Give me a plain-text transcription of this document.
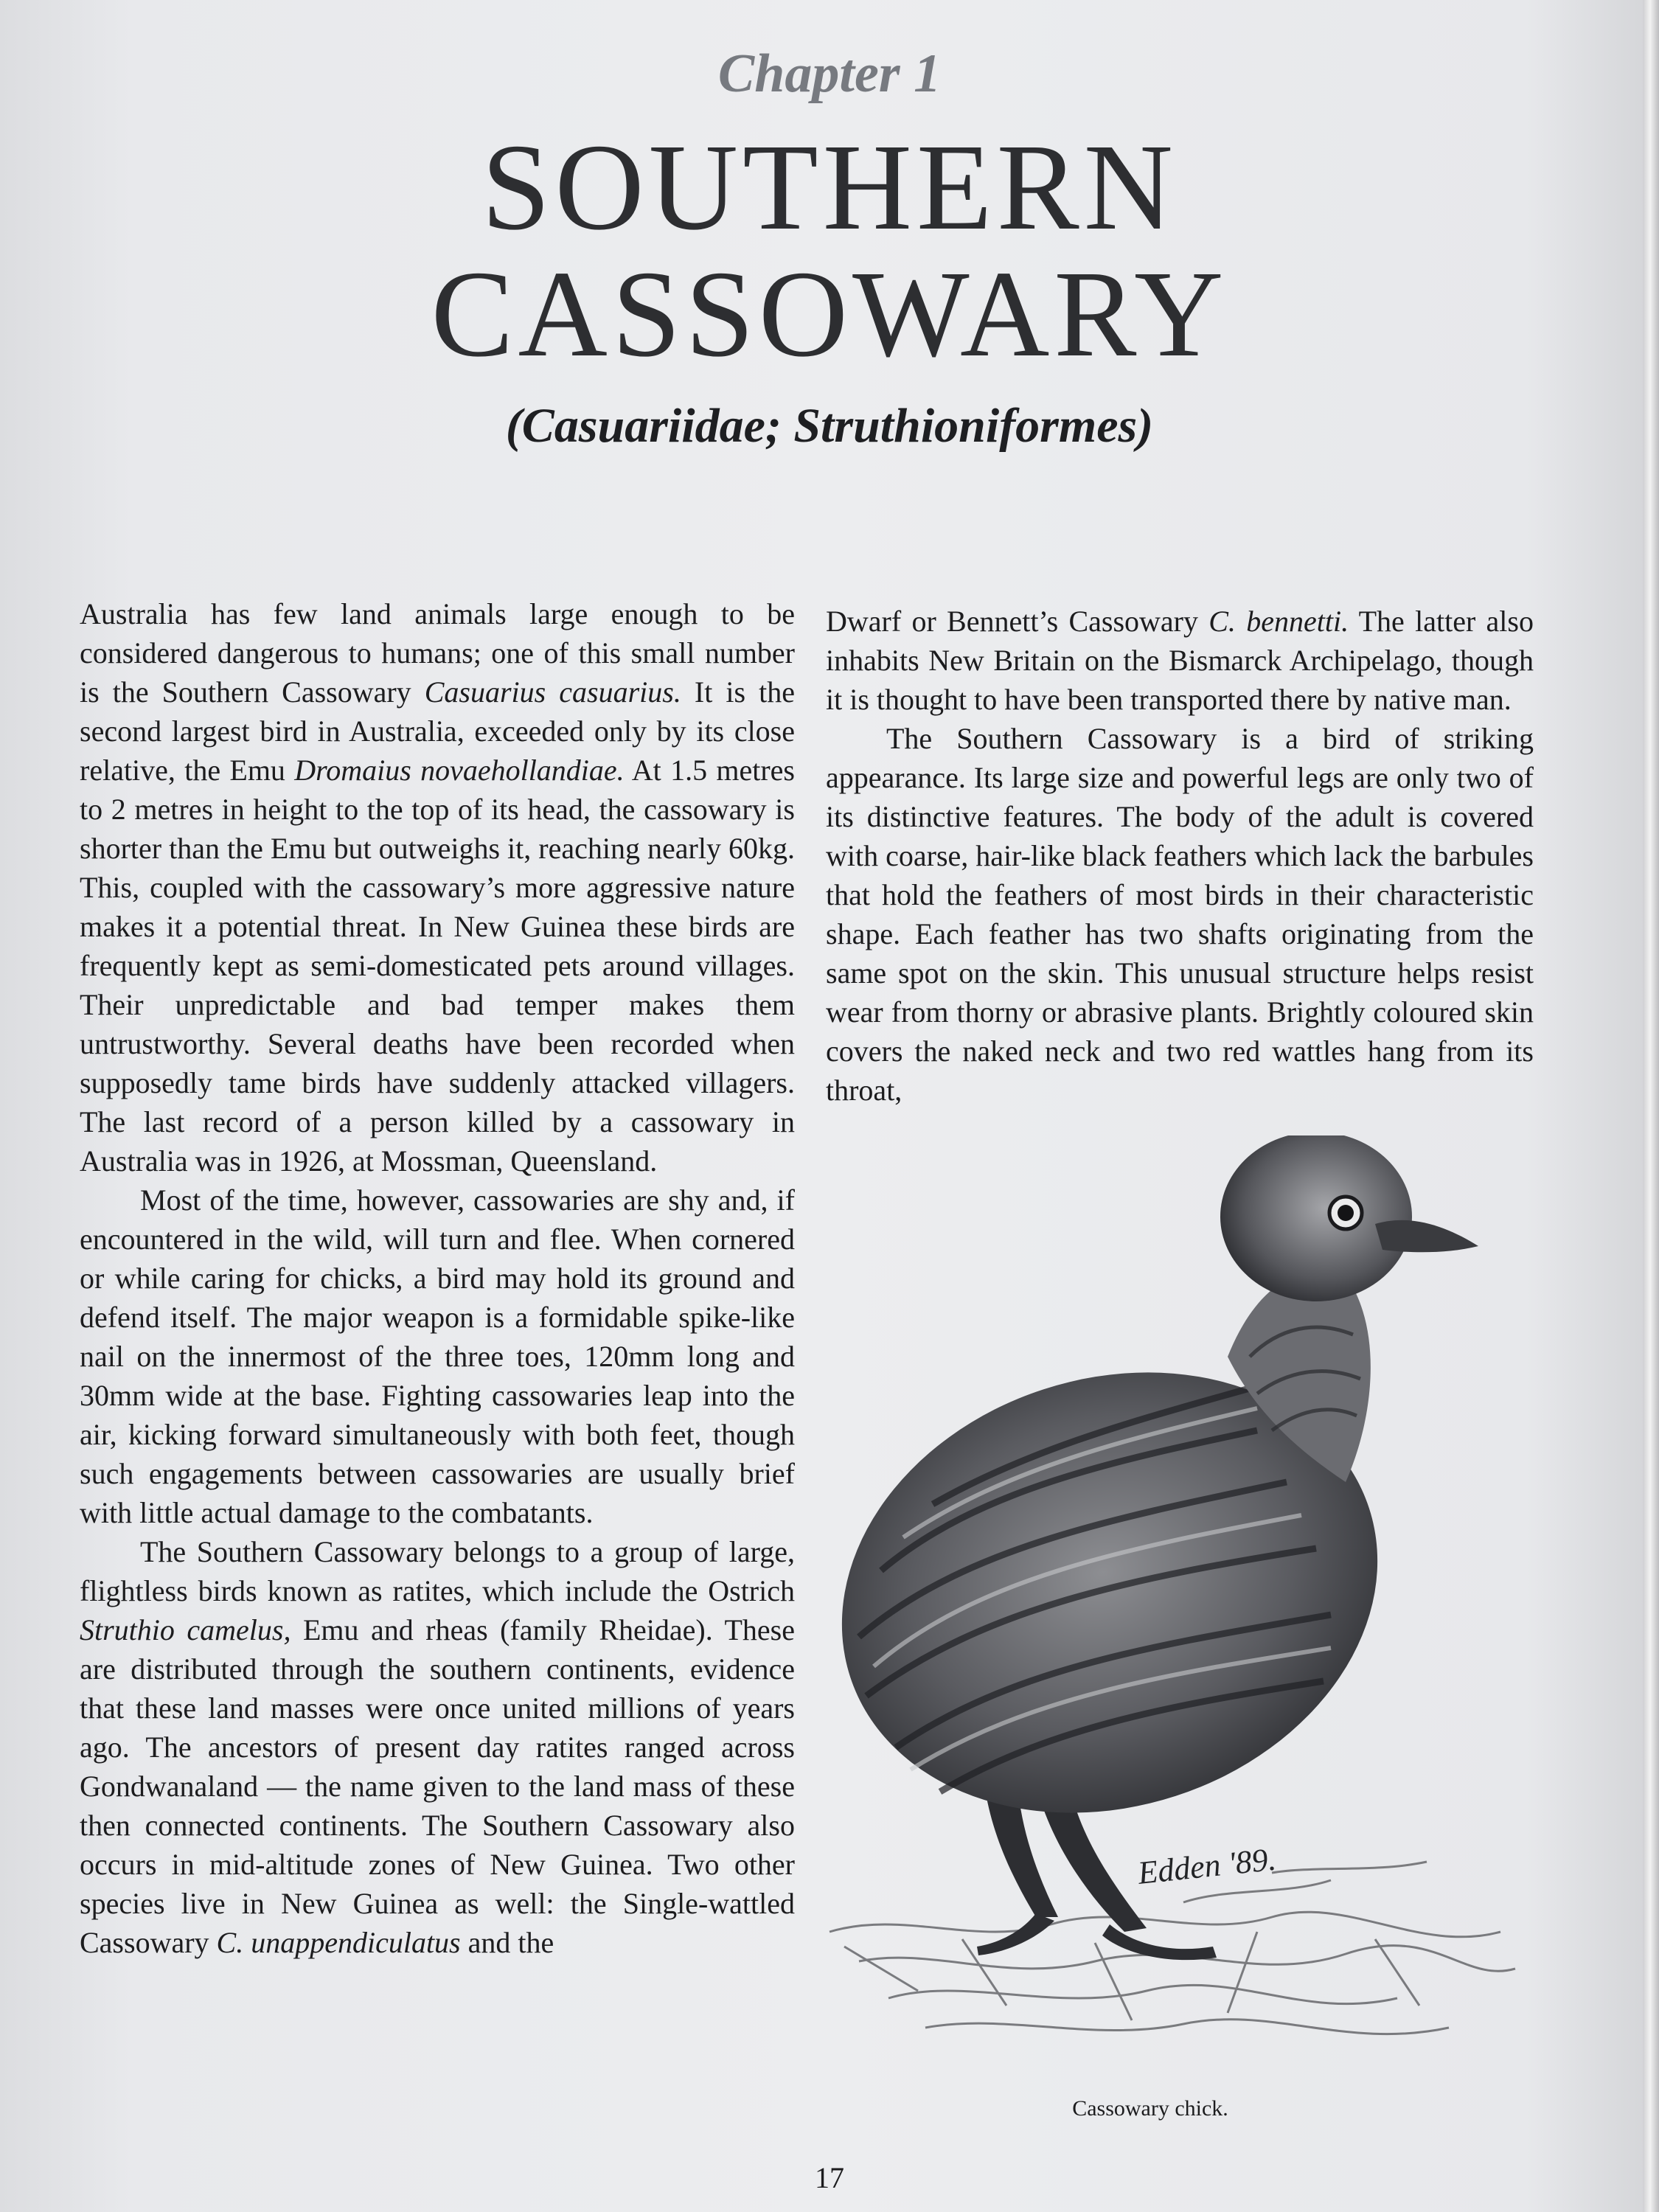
Chapter 1

SOUTHERN
CASSOWARY

(Casuariidae; Struthioniformes)

Australia has few land animals large enough to be considered dangerous to humans; one of this small number is the Southern Cassowary Casuarius casuarius. It is the second largest bird in Australia, exceeded only by its close relative, the Emu Dromaius novaehollandiae. At 1.5 metres to 2 metres in height to the top of its head, the cassowary is shorter than the Emu but outweighs it, reaching nearly 60kg. This, coupled with the cassowary’s more aggressive nature makes it a potential threat. In New Guinea these birds are frequently kept as semi-domesticated pets around villages. Their unpredictable and bad temper makes them untrustworthy. Several deaths have been recorded when supposedly tame birds have suddenly attacked villagers. The last record of a person killed by a cassowary in Australia was in 1926, at Mossman, Queensland.

Most of the time, however, cassowaries are shy and, if encountered in the wild, will turn and flee. When cornered or while caring for chicks, a bird may hold its ground and defend itself. The major weapon is a formidable spike-like nail on the innermost of the three toes, 120mm long and 30mm wide at the base. Fighting cassowaries leap into the air, kicking forward simultaneously with both feet, though such engagements between cassowaries are usually brief with little actual damage to the combatants.

The Southern Cassowary belongs to a group of large, flightless birds known as ratites, which include the Ostrich Struthio camelus, Emu and rheas (family Rheidae). These are distributed through the southern continents, evidence that these land masses were once united millions of years ago. The ancestors of present day ratites ranged across Gondwanaland — the name given to the land mass of these then connected continents. The Southern Cassowary also occurs in mid-altitude zones of New Guinea. Two other species live in New Guinea as well: the Single-wattled Cassowary C. unappendiculatus and the

Dwarf or Bennett’s Cassowary C. bennetti. The latter also inhabits New Britain on the Bismarck Archipelago, though it is thought to have been transported there by native man.

The Southern Cassowary is a bird of striking appearance. Its large size and powerful legs are only two of its distinctive features. The body of the adult is covered with coarse, hair-like black feathers which lack the barbules that hold the feathers of most birds in their characteristic shape. Each feather has two shafts originating from the same spot on the skin. This unusual structure helps resist wear from thorny or abrasive plants. Brightly coloured skin covers the naked neck and two red wattles hang from its throat,

Edden '89.

Cassowary chick.

17
